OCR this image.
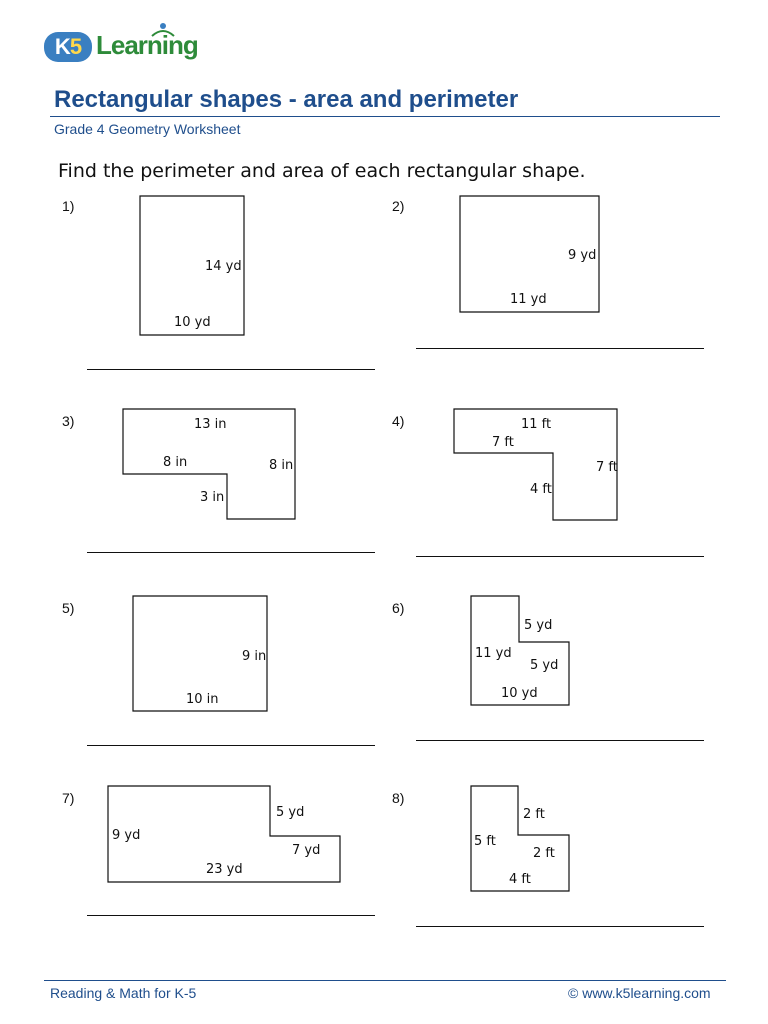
K5 Learning
Rectangular shapes - area and perimeter
Grade 4 Geometry Worksheet
Find the perimeter and area of each rectangular shape.
1)
14 yd
10 yd
2)
9 yd
11 yd
3)	13 in
8 in	8 in
3 in
4)	11 ft
7 ft
7 ft
4 ft
5)
9 in
10 in
6)
5 yd
11 yd
5 yd
10 yd
7)
5 yd
9 yd
7 yd
23 yd
8)
2 ft
5 ft
2 ft
4 ft
Reading & Math for K-5	© www.k5learning.com
